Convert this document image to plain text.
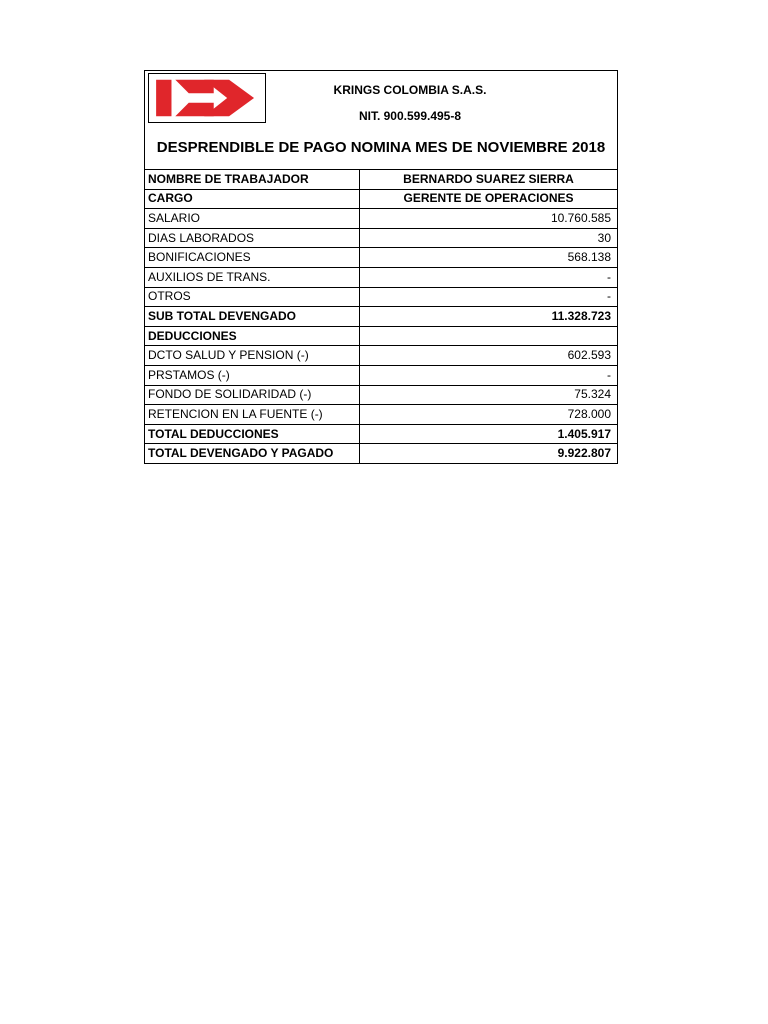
KRINGS COLOMBIA S.A.S.
NIT. 900.599.495-8
DESPRENDIBLE DE PAGO NOMINA MES DE NOVIEMBRE 2018
NOMBRE DE TRABAJADOR	BERNARDO SUAREZ SIERRA
CARGO	GERENTE DE OPERACIONES
SALARIO	10.760.585
DIAS LABORADOS	30
BONIFICACIONES	568.138
AUXILIOS DE TRANS.	-
OTROS	-
SUB TOTAL DEVENGADO	11.328.723
DEDUCCIONES	
DCTO SALUD Y PENSION (-)	602.593
PRSTAMOS (-)	-
FONDO DE SOLIDARIDAD (-)	75.324
RETENCION EN LA FUENTE (-)	728.000
TOTAL DEDUCCIONES	1.405.917
TOTAL DEVENGADO Y PAGADO	9.922.807
